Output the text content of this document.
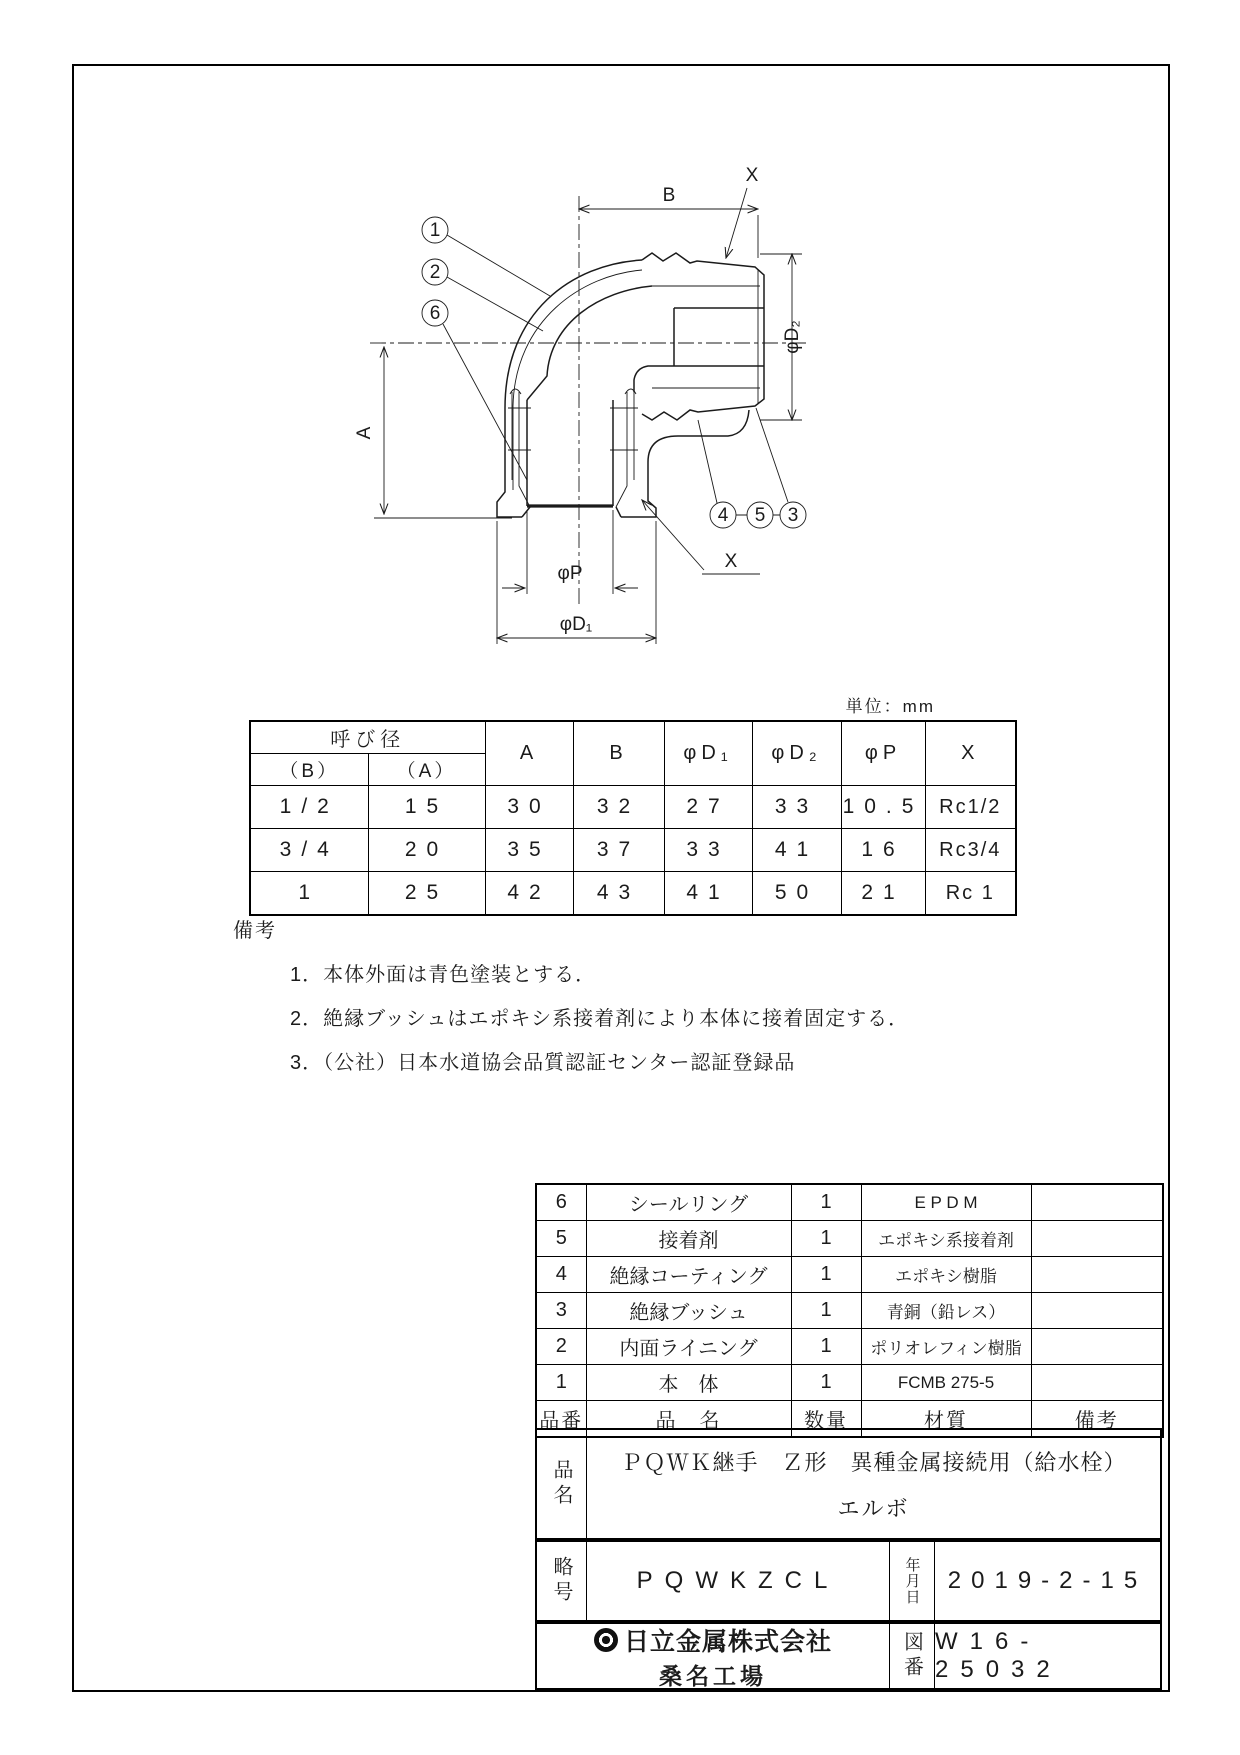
B
X
A
φD₂
φP
φD₁
X
1
2
6
4 5 3
単位：mm
呼び径		A	B	φD₁	φD₂	φP	X
（B）	（A）						
1/2	15	30	32	27	33	10.5	Rc1/2
3/4	20	35	37	33	41	16	Rc3/4
1	25	42	43	41	50	21	Rc 1
備考
1．本体外面は青色塗装とする．
2．絶縁ブッシュはエポキシ系接着剤により本体に接着固定する．
3．（公社）日本水道協会品質認証センター認証登録品
6	シールリング	1	E P D M	
5	接着剤	1	エポキシ系接着剤	
4	絶縁コーティング	1	エポキシ樹脂	
3	絶縁ブッシュ	1	青銅（鉛レス）	
2	内面ライニング	1	ポリオレフィン樹脂	
1	本　体	1	FCMB 275-5	
品番	品　名	数量	材質	備考
品名	ＰＱＷＫ継手　Ｚ形　異種金属接続用（給水栓）
エルボ
略号	PQWKZCL	年月日	2019-2-15
日立金属株式会社
桑名工場	図番 W16-25032
